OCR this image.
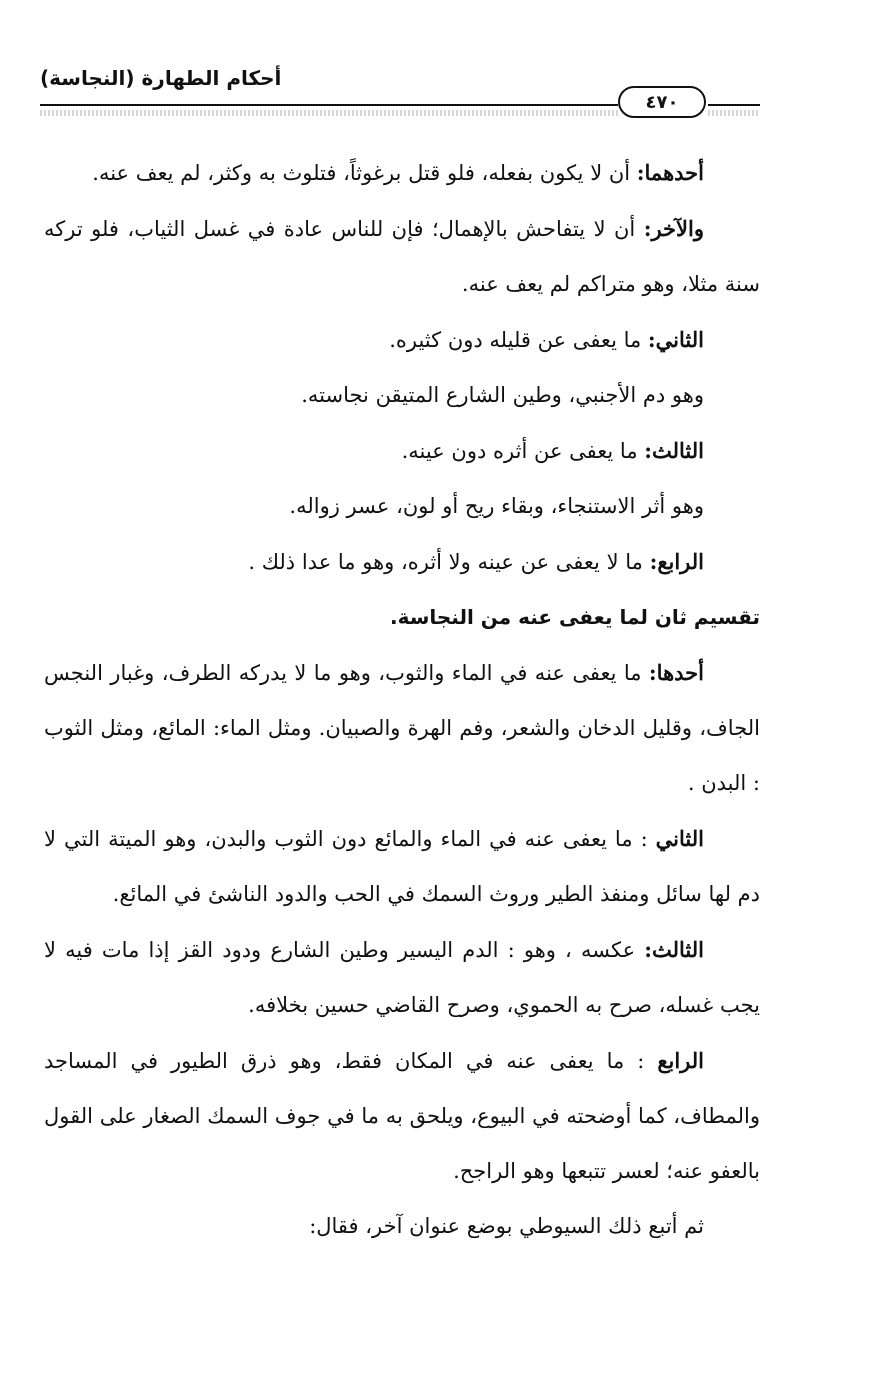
أحكام الطهارة (النجاسة)
٤٧٠

أحدهما: أن لا يكون بفعله، فلو قتل برغوثاً، فتلوث به وكثر، لم يعف عنه.

والآخر: أن لا يتفاحش بالإهمال؛ فإن للناس عادة في غسل الثياب، فلو تركه سنة مثلا، وهو متراكم لم يعف عنه.

الثاني: ما يعفى عن قليله دون كثيره.

وهو دم الأجنبي، وطين الشارع المتيقن نجاسته.

الثالث: ما يعفى عن أثره دون عينه.

وهو أثر الاستنجاء، وبقاء ريح أو لون، عسر زواله.

الرابع: ما لا يعفى عن عينه ولا أثره، وهو ما عدا ذلك .

تقسيم ثان لما يعفى عنه من النجاسة.

أحدها: ما يعفى عنه في الماء والثوب، وهو ما لا يدركه الطرف، وغبار النجس الجاف، وقليل الدخان والشعر، وفم الهرة والصبيان. ومثل الماء: المائع، ومثل الثوب : البدن .

الثاني : ما يعفى عنه في الماء والمائع دون الثوب والبدن، وهو الميتة التي لا دم لها سائل ومنفذ الطير وروث السمك في الحب والدود الناشئ في المائع.

الثالث: عكسه ، وهو : الدم اليسير وطين الشارع ودود القز إذا مات فيه لا يجب غسله، صرح به الحموي، وصرح القاضي حسين بخلافه.

الرابع : ما يعفى عنه في المكان فقط، وهو ذرق الطيور في المساجد والمطاف، كما أوضحته في البيوع، ويلحق به ما في جوف السمك الصغار على القول بالعفو عنه؛ لعسر تتبعها وهو الراجح.

ثم أتبع ذلك السيوطي بوضع عنوان آخر، فقال:
